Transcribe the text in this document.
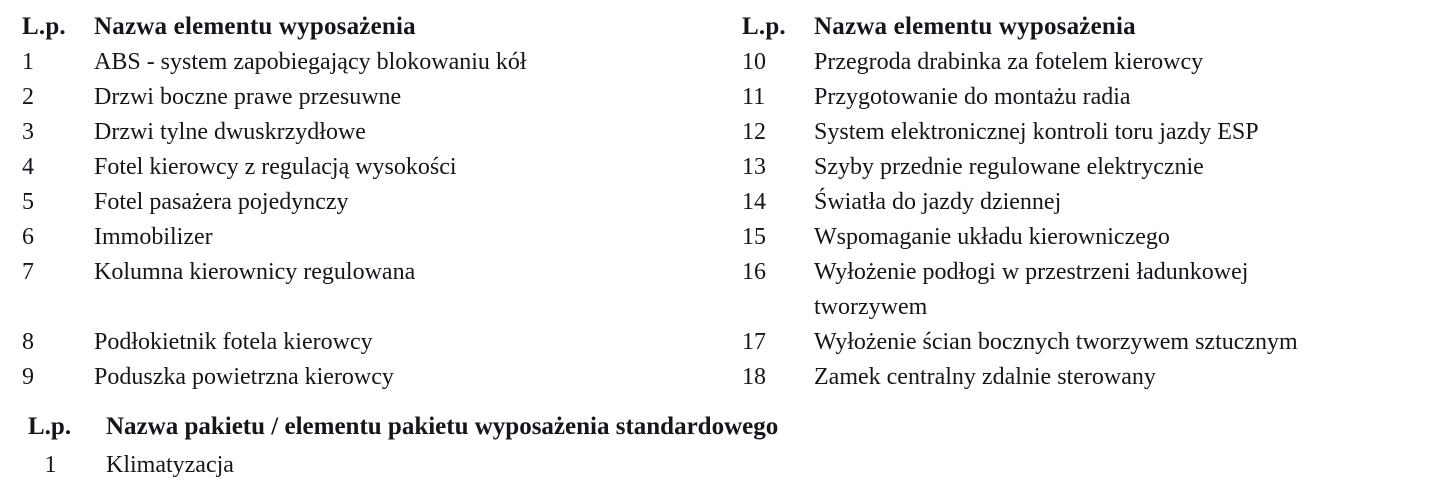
L.p.	Nazwa elementu wyposażenia	L.p.	Nazwa elementu wyposażenia
1	ABS - system zapobiegający blokowaniu kół	10	Przegroda drabinka za fotelem kierowcy
2	Drzwi boczne prawe przesuwne	11	Przygotowanie do montażu radia
3	Drzwi tylne dwuskrzydłowe	12	System elektronicznej kontroli toru jazdy ESP
4	Fotel kierowcy z regulacją wysokości	13	Szyby przednie regulowane elektrycznie
5	Fotel pasażera pojedynczy	14	Światła do jazdy dziennej
6	Immobilizer	15	Wspomaganie układu kierowniczego
7	Kolumna kierownicy regulowana	16	Wyłożenie podłogi w przestrzeni ładunkowej
tworzywem

8	Podłokietnik fotela kierowcy	17	Wyłożenie ścian bocznych tworzywem sztucznym
9	Poduszka powietrzna kierowcy	18	Zamek centralny zdalnie sterowany
L.p.	Nazwa pakietu / elementu pakietu wyposażenia standardowego
1	Klimatyzacja
